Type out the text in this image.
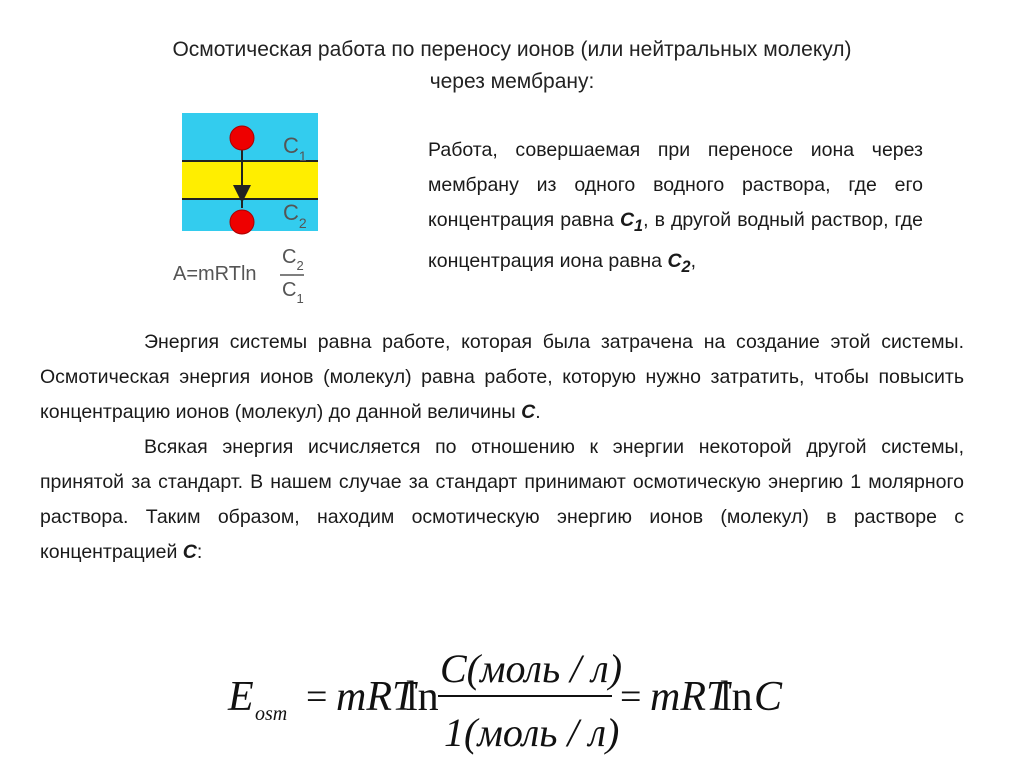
Осмотическая работа по переносу ионов (или нейтральных молекул)
через мембрану:
$C_1$
$C_2$
A=mRTln
$C_2$
$C_1$
Работа, совершаемая при переносе иона через мембрану из одного водного раствора, где его концентрация равна $C_1$, в другой водный раствор, где концентрация иона равна $C_2$,

Энергия системы равна работе, которая была затрачена на создание этой системы. Осмотическая энергия ионов (молекул) равна работе, которую нужно затратить, чтобы повысить концентрацию ионов (молекул) до данной величины C.

Всякая энергия исчисляется по отношению к энергии некоторой другой системы, принятой за стандарт. В нашем случае за стандарт принимают осмотическую энергию 1 молярного раствора. Таким образом, находим осмотическую энергию ионов (молекул) в растворе с концентрацией C:

E osm = mRT
ln
C(моль / л)
1(моль / л)
= mRT
ln C
